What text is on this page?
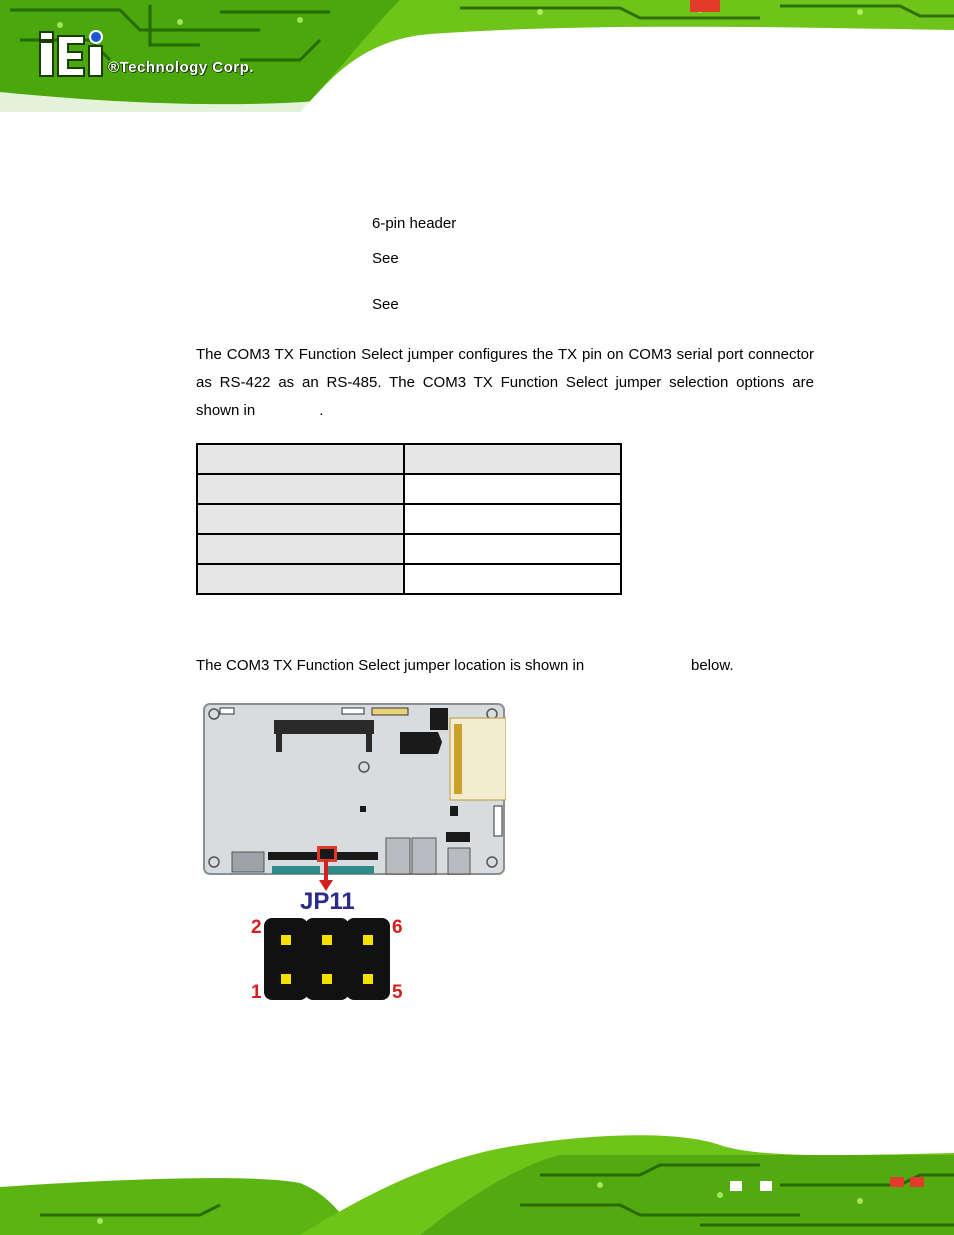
®Technology Corp.
6-pin header
See
See

The COM3 TX Function Select jumper configures the TX pin on COM3 serial port connector as RS-422 as an RS-485. The COM3 TX Function Select jumper selection options are shown in	.

The COM3 TX Function Select jumper location is shown in	below.
JP11
2	6
1	5
